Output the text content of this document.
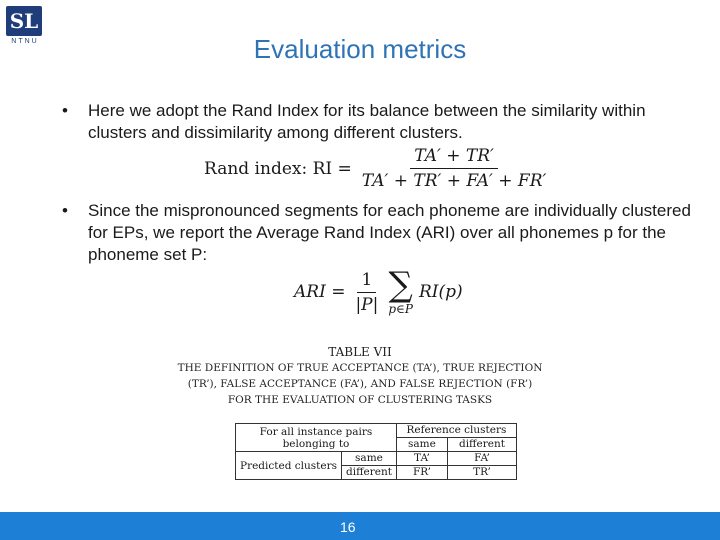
SL
NTNU	Evaluation metrics
• Here we adopt the Rand Index for its balance between the similarity within clusters and dissimilarity among different clusters.
Rand index: RI = $\frac{TA' + TR'}{TA' + TR' + FA' + FR'}$
• Since the mispronounced segments for each phoneme are individually clustered for EPs, we report the Average Rand Index (ARI) over all phonemes p for the phoneme set P:
ARI = $\frac{1}{|P|}$ ∑
p∈P
RI(p)
TABLE VII
THE DEFINITION OF TRUE ACCEPTANCE (TA’), TRUE REJECTION
(TR’), FALSE ACCEPTANCE (FA’), AND FALSE REJECTION (FR’)
FOR THE EVALUATION OF CLUSTERING TASKS
For all instance pairs belonging to		Reference clusters	
		same	different
Predicted clusters	same	TA’	FA’
	different	FR’	TR’
16
